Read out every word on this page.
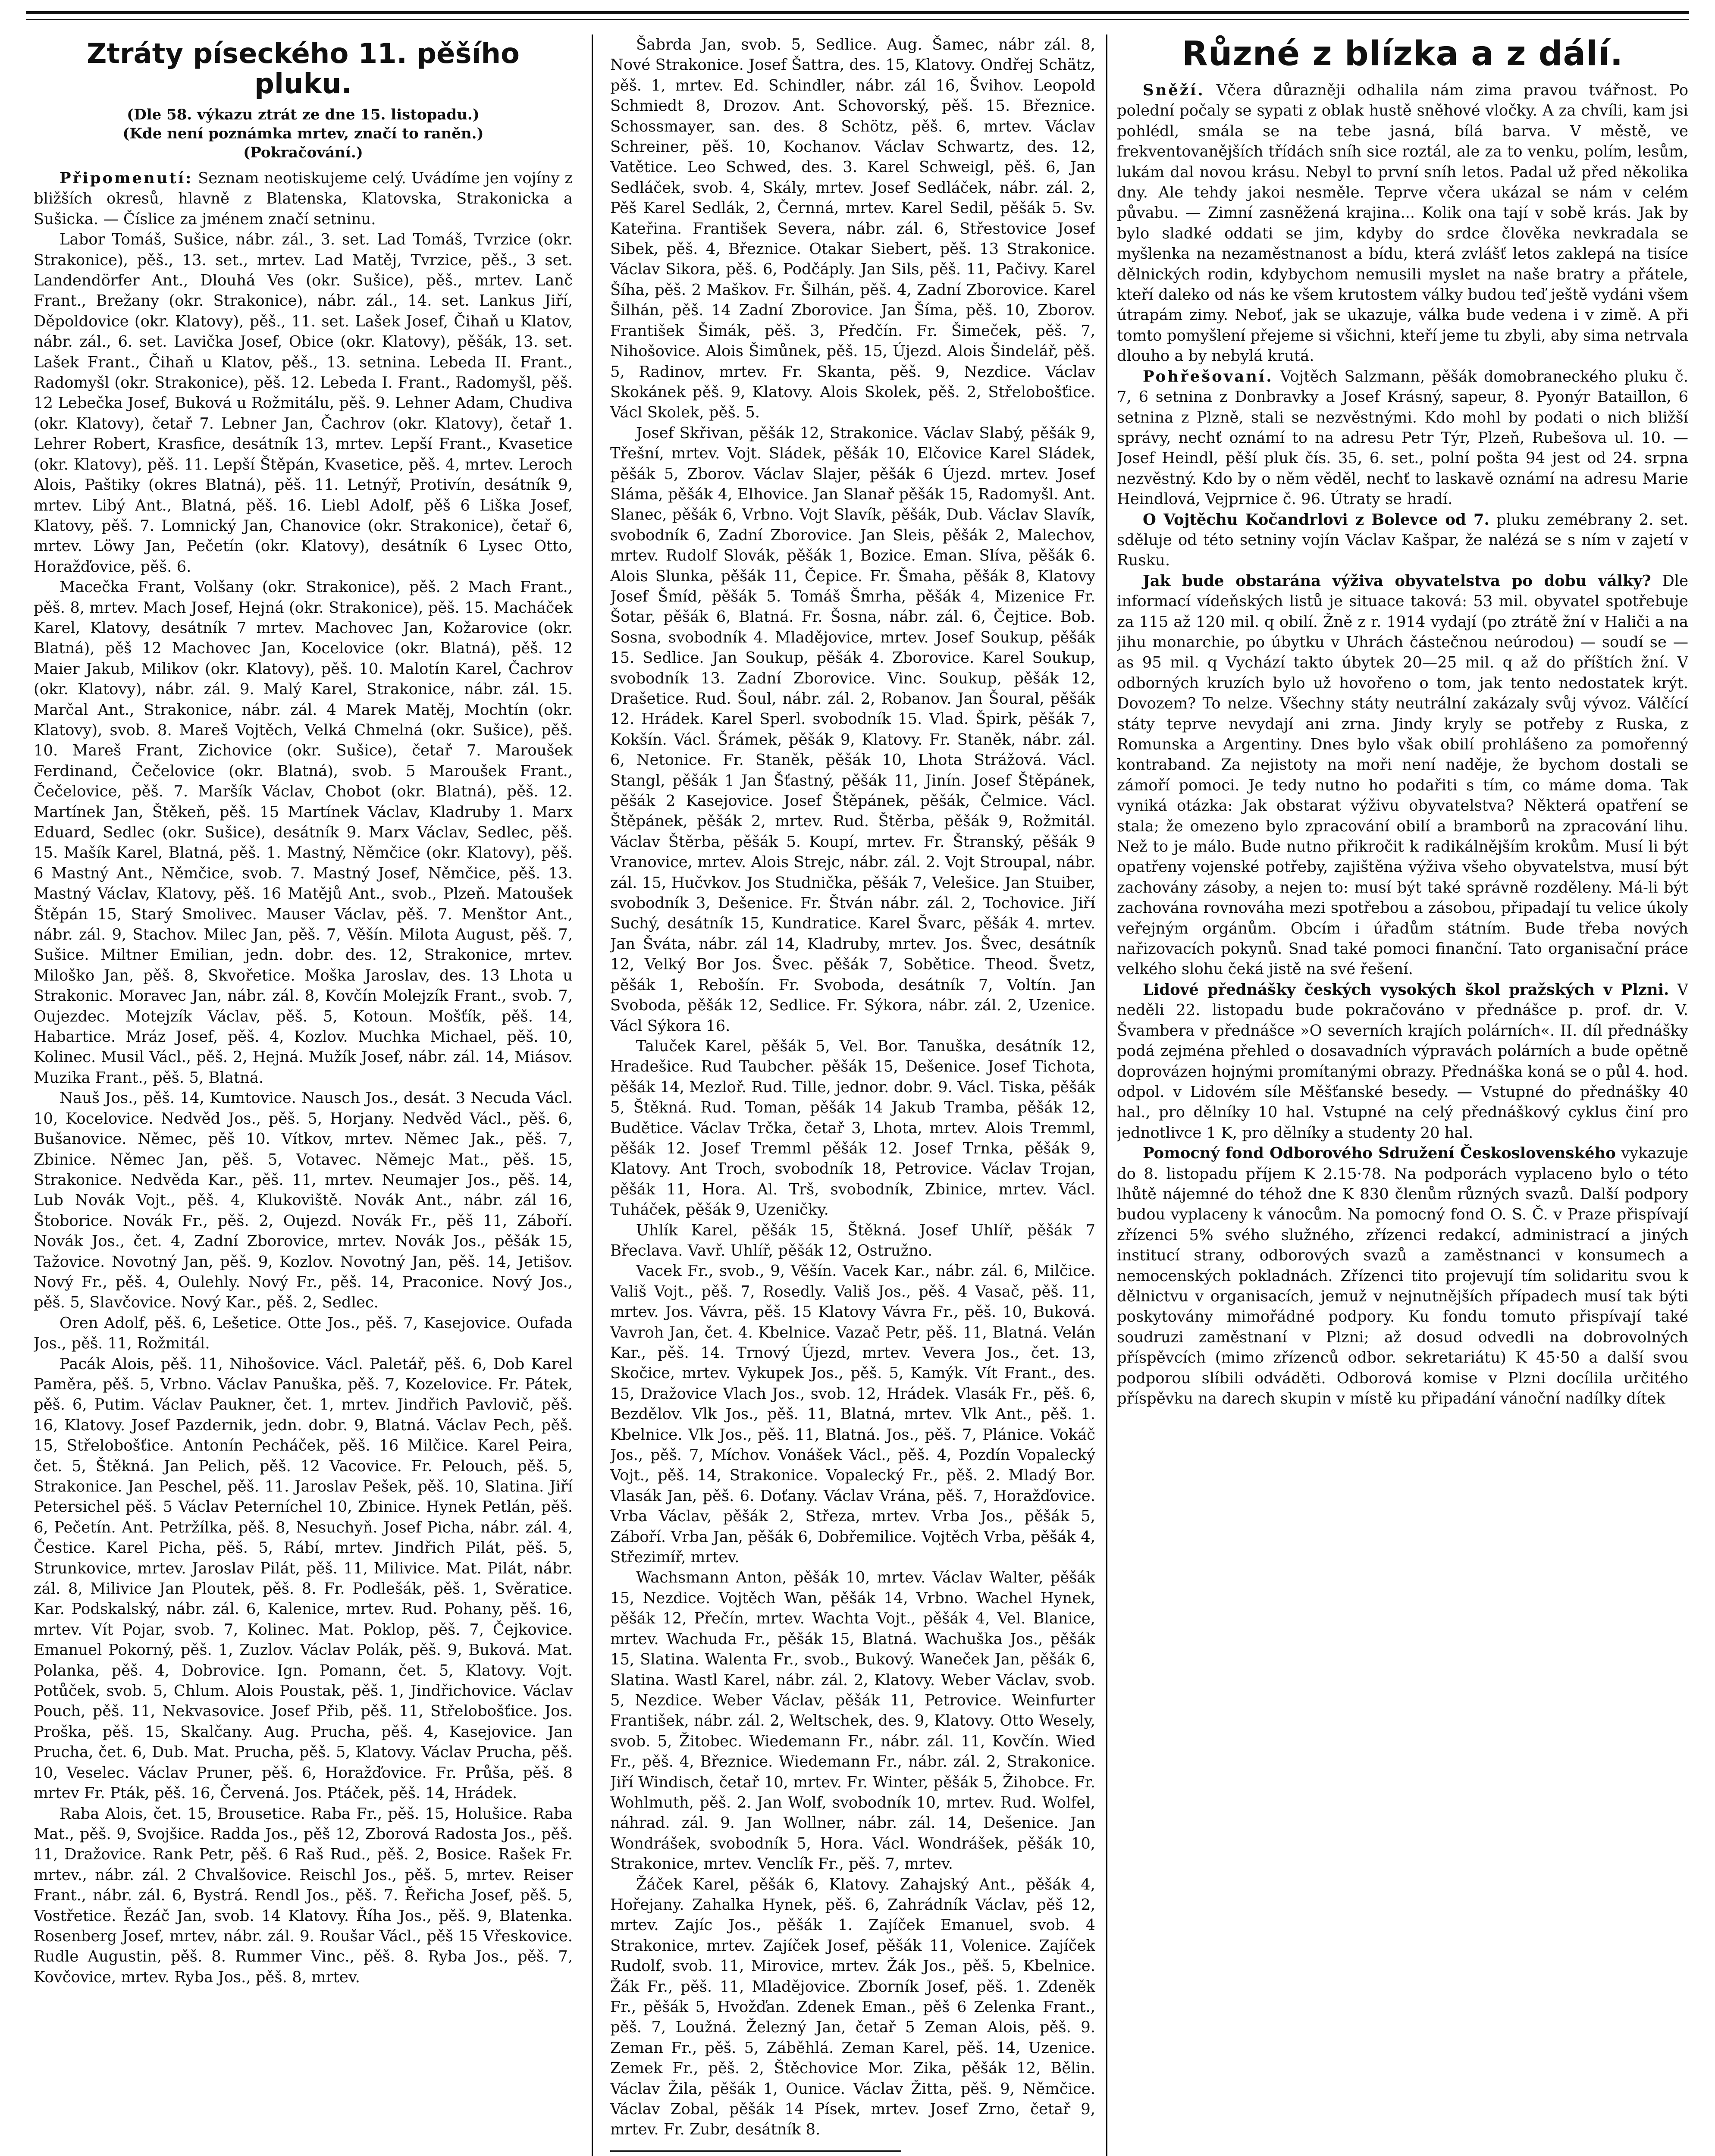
Ztráty píseckého 11. pěšího pluku.
(Dle 58. výkazu ztrát ze dne 15. listopadu.)
(Kde není poznámka mrtev, značí to raněn.)
(Pokračování.)

Připomenutí: Seznam neotiskujeme celý. Uvádíme jen vojíny z bližších okresů, hlavně z Blatenska, Klatovska, Strakonicka a Sušicka. — Číslice za jménem značí setninu.

Labor Tomáš, Sušice, nábr. zál., 3. set. Lad Tomáš, Tvrzice (okr. Strakonice), pěš., 13. set., mrtev. Lad Matěj, Tvrzice, pěš., 3 set. Landendörfer Ant., Dlouhá Ves (okr. Sušice), pěš., mrtev. Lanč Frant., Brežany (okr. Strakonice), nábr. zál., 14. set. Lankus Jiří, Děpoldovice (okr. Klatovy), pěš., 11. set. Lašek Josef, Čihaň u Klatov, nábr. zál., 6. set. Lavička Josef, Obice (okr. Klatovy), pěšák, 13. set. Lašek Frant., Čihaň u Klatov, pěš., 13. setnina. Lebeda II. Frant., Radomyšl (okr. Strakonice), pěš. 12. Lebeda I. Frant., Radomyšl, pěš. 12 Lebečka Josef, Buková u Rožmitálu, pěš. 9. Lehner Adam, Chudiva (okr. Klatovy), četař 7. Lebner Jan, Čachrov (okr. Klatovy), četař 1. Lehrer Robert, Krasfice, desátník 13, mrtev. Lepší Frant., Kvasetice (okr. Klatovy), pěš. 11. Lepší Štěpán, Kvasetice, pěš. 4, mrtev. Leroch Alois, Paštiky (okres Blatná), pěš. 11. Letnýř, Protivín, desátník 9, mrtev. Libý Ant., Blatná, pěš. 16. Liebl Adolf, pěš 6 Liška Josef, Klatovy, pěš. 7. Lomnický Jan, Chanovice (okr. Strakonice), četař 6, mrtev. Löwy Jan, Pečetín (okr. Klatovy), desátník 6 Lysec Otto, Horažďovice, pěš. 6.

Macečka Frant, Volšany (okr. Strakonice), pěš. 2 Mach Frant., pěš. 8, mrtev. Mach Josef, Hejná (okr. Strakonice), pěš. 15. Macháček Karel, Klatovy, desátník 7 mrtev. Machovec Jan, Kožarovice (okr. Blatná), pěš 12 Machovec Jan, Kocelovice (okr. Blatná), pěš. 12 Maier Jakub, Milikov (okr. Klatovy), pěš. 10. Malotín Karel, Čachrov (okr. Klatovy), nábr. zál. 9. Malý Karel, Strakonice, nábr. zál. 15. Marčal Ant., Strakonice, nábr. zál. 4 Marek Matěj, Mochtín (okr. Klatovy), svob. 8. Mareš Vojtěch, Velká Chmelná (okr. Sušice), pěš. 10. Mareš Frant, Zichovice (okr. Sušice), četař 7. Maroušek Ferdinand, Čečelovice (okr. Blatná), svob. 5 Maroušek Frant., Čečelovice, pěš. 7. Maršík Václav, Chobot (okr. Blatná), pěš. 12. Martínek Jan, Štěkeň, pěš. 15 Martínek Václav, Kladruby 1. Marx Eduard, Sedlec (okr. Sušice), desátník 9. Marx Václav, Sedlec, pěš. 15. Mašík Karel, Blatná, pěš. 1. Mastný, Němčice (okr. Klatovy), pěš. 6 Mastný Ant., Němčice, svob. 7. Mastný Josef, Němčice, pěš. 13. Mastný Václav, Klatovy, pěš. 16 Matějů Ant., svob., Plzeň. Matoušek Štěpán 15, Starý Smolivec. Mauser Václav, pěš. 7. Menštor Ant., nábr. zál. 9, Stachov. Milec Jan, pěš. 7, Věšín. Milota August, pěš. 7, Sušice. Miltner Emilian, jedn. dobr. des. 12, Strakonice, mrtev. Miloško Jan, pěš. 8, Skvořetice. Moška Jaroslav, des. 13 Lhota u Strakonic. Moravec Jan, nábr. zál. 8, Kovčín Molejzík Frant., svob. 7, Oujezdec. Motejzík Václav, pěš. 5, Kotoun. Mošťík, pěš. 14, Habartice. Mráz Josef, pěš. 4, Kozlov. Muchka Michael, pěš. 10, Kolinec. Musil Václ., pěš. 2, Hejná. Mužík Josef, nábr. zál. 14, Miásov. Muzika Frant., pěš. 5, Blatná.

Nauš Jos., pěš. 14, Kumtovice. Nausch Jos., desát. 3 Necuda Václ. 10, Kocelovice. Nedvěd Jos., pěš. 5, Horjany. Nedvěd Václ., pěš. 6, Bušanovice. Němec, pěš 10. Vítkov, mrtev. Němec Jak., pěš. 7, Zbinice. Němec Jan, pěš. 5, Votavec. Němejc Mat., pěš. 15, Strakonice. Nedvěda Kar., pěš. 11, mrtev. Neumajer Jos., pěš. 14, Lub Novák Vojt., pěš. 4, Klukoviště. Novák Ant., nábr. zál 16, Štoborice. Novák Fr., pěš. 2, Oujezd. Novák Fr., pěš 11, Záboří. Novák Jos., čet. 4, Zadní Zborovice, mrtev. Novák Jos., pěšák 15, Tažovice. Novotný Jan, pěš. 9, Kozlov. Novotný Jan, pěš. 14, Jetišov. Nový Fr., pěš. 4, Oulehly. Nový Fr., pěš. 14, Praconice. Nový Jos., pěš. 5, Slavčovice. Nový Kar., pěš. 2, Sedlec.

Oren Adolf, pěš. 6, Lešetice. Otte Jos., pěš. 7, Kasejovice. Oufada Jos., pěš. 11, Rožmitál.

Pacák Alois, pěš. 11, Nihošovice. Václ. Paletář, pěš. 6, Dob Karel Paměra, pěš. 5, Vrbno. Václav Panuška, pěš. 7, Kozelovice. Fr. Pátek, pěš. 6, Putim. Václav Paukner, čet. 1, mrtev. Jindřich Pavlovič, pěš. 16, Klatovy. Josef Pazdernik, jedn. dobr. 9, Blatná. Václav Pech, pěš. 15, Střelobošťice. Antonín Pecháček, pěš. 16 Milčice. Karel Peira, čet. 5, Štěkná. Jan Pelich, pěš. 12 Vacovice. Fr. Pelouch, pěš. 5, Strakonice. Jan Peschel, pěš. 11. Jaroslav Pešek, pěš. 10, Slatina. Jiří Petersichel pěš. 5 Václav Peterníchel 10, Zbinice. Hynek Petlán, pěš. 6, Pečetín. Ant. Petržílka, pěš. 8, Nesuchyň. Josef Picha, nábr. zál. 4, Čestice. Karel Picha, pěš. 5, Rábí, mrtev. Jindřich Pilát, pěš. 5, Strunkovice, mrtev. Jaroslav Pilát, pěš. 11, Milivice. Mat. Pilát, nábr. zál. 8, Milivice Jan Ploutek, pěš. 8. Fr. Podlešák, pěš. 1, Svěratice. Kar. Podskalský, nábr. zál. 6, Kalenice, mrtev. Rud. Pohany, pěš. 16, mrtev. Vít Pojar, svob. 7, Kolinec. Mat. Poklop, pěš. 7, Čejkovice. Emanuel Pokorný, pěš. 1, Zuzlov. Václav Polák, pěš. 9, Buková. Mat. Polanka, pěš. 4, Dobrovice. Ign. Pomann, čet. 5, Klatovy. Vojt. Potůček, svob. 5, Chlum. Alois Poustak, pěš. 1, Jindřichovice. Václav Pouch, pěš. 11, Nekvasovice. Josef Přib, pěš. 11, Střelobošťice. Jos. Proška, pěš. 15, Skalčany. Aug. Prucha, pěš. 4, Kasejovice. Jan Prucha, čet. 6, Dub. Mat. Prucha, pěš. 5, Klatovy. Václav Prucha, pěš. 10, Veselec. Václav Pruner, pěš. 6, Horažďovice. Fr. Průša, pěš. 8 mrtev Fr. Pták, pěš. 16, Červená. Jos. Ptáček, pěš. 14, Hrádek.

Raba Alois, čet. 15, Brousetice. Raba Fr., pěš. 15, Holušice. Raba Mat., pěš. 9, Svojšice. Radda Jos., pěš 12, Zborová Radosta Jos., pěš. 11, Dražovice. Rank Petr, pěš. 6 Raš Rud., pěš. 2, Bosice. Rašek Fr. mrtev., nábr. zál. 2 Chvalšovice. Reischl Jos., pěš. 5, mrtev. Reiser Frant., nábr. zál. 6, Bystrá. Rendl Jos., pěš. 7. Řeřicha Josef, pěš. 5, Vostřetice. Řezáč Jan, svob. 14 Klatovy. Říha Jos., pěš. 9, Blatenka. Rosenberg Josef, mrtev, nábr. zál. 9. Roušar Václ., pěš 15 Vřeskovice. Rudle Augustin, pěš. 8. Rummer Vinc., pěš. 8. Ryba Jos., pěš. 7, Kovčovice, mrtev. Ryba Jos., pěš. 8, mrtev.

Šabrda Jan, svob. 5, Sedlice. Aug. Šamec, nábr zál. 8, Nové Strakonice. Josef Šattra, des. 15, Klatovy. Ondřej Schätz, pěš. 1, mrtev. Ed. Schindler, nábr. zál 16, Švihov. Leopold Schmiedt 8, Drozov. Ant. Schovorský, pěš. 15. Březnice. Schossmayer, san. des. 8 Schötz, pěš. 6, mrtev. Václav Schreiner, pěš. 10, Kochanov. Václav Schwartz, des. 12, Vatětice. Leo Schwed, des. 3. Karel Schweigl, pěš. 6, Jan Sedláček, svob. 4, Skály, mrtev. Josef Sedláček, nábr. zál. 2, Pěš Karel Sedlák, 2, Černná, mrtev. Karel Sedil, pěšák 5. Sv. Kateřina. František Severa, nábr. zál. 6, Střestovice Josef Sibek, pěš. 4, Březnice. Otakar Siebert, pěš. 13 Strakonice. Václav Sikora, pěš. 6, Podčáply. Jan Sils, pěš. 11, Pačivy. Karel Šíha, pěš. 2 Maškov. Fr. Šilhán, pěš. 4, Zadní Zborovice. Karel Šilhán, pěš. 14 Zadní Zborovice. Jan Šíma, pěš. 10, Zborov. František Šimák, pěš. 3, Předčín. Fr. Šimeček, pěš. 7, Nihošovice. Alois Šimůnek, pěš. 15, Újezd. Alois Šindelář, pěš. 5, Radinov, mrtev. Fr. Skanta, pěš. 9, Nezdice. Václav Skokánek pěš. 9, Klatovy. Alois Skolek, pěš. 2, Střelobošťice. Václ Skolek, pěš. 5.

Josef Skřivan, pěšák 12, Strakonice. Václav Slabý, pěšák 9, Třešní, mrtev. Vojt. Sládek, pěšák 10, Elčovice Karel Sládek, pěšák 5, Zborov. Václav Slajer, pěšák 6 Újezd. mrtev. Josef Slámа, pěšák 4, Elhovice. Jan Slanař pěšák 15, Radomyšl. Ant. Slanec, pěšák 6, Vrbno. Vojt Slavík, pěšák, Dub. Václav Slavík, svobodník 6, Zadní Zborovice. Jan Sleis, pěšák 2, Malechov, mrtev. Rudolf Slovák, pěšák 1, Bozice. Eman. Slíva, pěšák 6. Alois Slunka, pěšák 11, Čepice. Fr. Šmaha, pěšák 8, Klatovy Josef Šmíd, pěšák 5. Tomáš Šmrha, pěšák 4, Mizenice Fr. Šotar, pěšák 6, Blatná. Fr. Šosna, nábr. zál. 6, Čejtice. Bob. Sosna, svobodník 4. Mladějovice, mrtev. Josef Soukup, pěšák 15. Sedlice. Jan Soukup, pěšák 4. Zborovice. Karel Soukup, svobodník 13. Zadní Zborovice. Vinc. Soukup, pěšák 12, Drašetice. Rud. Šoul, nábr. zál. 2, Robanov. Jan Šoural, pěšák 12. Hrádek. Karel Sperl. svobodník 15. Vlad. Špirk, pěšák 7, Kokšín. Václ. Šrámek, pěšák 9, Klatovy. Fr. Staněk, nábr. zál. 6, Netonice. Fr. Staněk, pěšák 10, Lhota Strážová. Václ. Stangl, pěšák 1 Jan Šťastný, pěšák 11, Jinín. Josef Štěpánek, pěšák 2 Kasejovice. Josef Štěpánek, pěšák, Čelmice. Václ. Štěpánek, pěšák 2, mrtev. Rud. Štěrba, pěšák 9, Rožmitál. Václav Štěrba, pěšák 5. Koupí, mrtev. Fr. Štranský, pěšák 9 Vranovice, mrtev. Alois Strejc, nábr. zál. 2. Vojt Stroupal, nábr. zál. 15, Hučvkov. Jos Studnička, pěšák 7, Velešice. Jan Stuiber, svobodník 3, Dešenice. Fr. Štván nábr. zál. 2, Tochovice. Jiří Suchý, desátník 15, Kundratice. Karel Švarc, pěšák 4. mrtev. Jan Šváta, nábr. zál 14, Kladruby, mrtev. Jos. Švec, desátník 12, Velký Bor Jos. Švec. pěšák 7, Sobětice. Theod. Švetz, pěšák 1, Rebošín. Fr. Svoboda, desátník 7, Voltín. Jan Svoboda, pěšák 12, Sedlice. Fr. Sýkora, nábr. zál. 2, Uzenice. Václ Sýkora 16.

Taluček Karel, pěšák 5, Vel. Bor. Tanuška, desátník 12, Hradešice. Rud Taubcher. pěšák 15, Dešenice. Josef Tichota, pěšák 14, Mezloř. Rud. Tille, jednor. dobr. 9. Václ. Tiska, pěšák 5, Štěkná. Rud. Toman, pěšák 14 Jakub Tramba, pěšák 12, Budětice. Václav Trčka, četař 3, Lhota, mrtev. Alois Tremml, pěšák 12. Josef Tremml pěšák 12. Josef Trnka, pěšák 9, Klatovy. Ant Troch, svobodník 18, Petrovice. Václav Trojan, pěšák 11, Hora. Al. Trš, svobodník, Zbinice, mrtev. Václ. Tuháček, pěšák 9, Uzeničky.

Uhlík Karel, pěšák 15, Štěkná. Josef Uhlíř, pěšák 7 Břeclava. Vavř. Uhlíř, pěšák 12, Ostružno.

Vacek Fr., svob., 9, Věšín. Vacek Kar., nábr. zál. 6, Milčice. Vališ Vojt., pěš. 7, Rosedly. Vališ Jos., pěš. 4 Vasač, pěš. 11, mrtev. Jos. Vávra, pěš. 15 Klatovy Vávra Fr., pěš. 10, Buková. Vavroh Jan, čet. 4. Kbelnice. Vazač Petr, pěš. 11, Blatná. Velán Kar., pěš. 14. Trnový Újezd, mrtev. Vevera Jos., čet. 13, Skočice, mrtev. Vykupek Jos., pěš. 5, Kamýk. Vít Frant., des. 15, Dražovice Vlach Jos., svob. 12, Hrádek. Vlasák Fr., pěš. 6, Bezdělov. Vlk Jos., pěš. 11, Blatná, mrtev. Vlk Ant., pěš. 1. Kbelnice. Vlk Jos., pěš. 11, Blatná. Jos., pěš. 7, Plánice. Vokáč Jos., pěš. 7, Míchov. Vonášek Václ., pěš. 4, Pozdín Vopalecký Vojt., pěš. 14, Strakonice. Vopalecký Fr., pěš. 2. Mladý Bor. Vlasák Jan, pěš. 6. Doťany. Václav Vrána, pěš. 7, Horažďovice. Vrba Václav, pěšák 2, Střeza, mrtev. Vrba Jos., pěšák 5, Záboří. Vrba Jan, pěšák 6, Dobřemilice. Vojtěch Vrba, pěšák 4, Střezimíř, mrtev.

Wachsmann Anton, pěšák 10, mrtev. Václav Walter, pěšák 15, Nezdice. Vojtěch Wan, pěšák 14, Vrbno. Wachel Hynek, pěšák 12, Přečín, mrtev. Wachta Vojt., pěšák 4, Vel. Blanice, mrtev. Wachuda Fr., pěšák 15, Blatná. Wachuška Jos., pěšák 15, Slatina. Walenta Fr., svob., Bukový. Waneček Jan, pěšák 6, Slatina. Wastl Karel, nábr. zál. 2, Klatovy. Weber Václav, svob. 5, Nezdice. Weber Václav, pěšák 11, Petrovice. Weinfurter František, nábr. zál. 2, Weltschek, des. 9, Klatovy. Otto Wesely, svob. 5, Žitobec. Wiedemann Fr., nábr. zál. 11, Kovčín. Wied Fr., pěš. 4, Březnice. Wiedemann Fr., nábr. zál. 2, Strakonice. Jiří Windisch, četař 10, mrtev. Fr. Winter, pěšák 5, Žihobce. Fr. Wohlmuth, pěš. 2. Jan Wolf, svobodník 10, mrtev. Rud. Wolfel, náhrad. zál. 9. Jan Wollner, nábr. zál. 14, Dešenice. Jan Wondrášek, svobodník 5, Hora. Václ. Wondrášek, pěšák 10, Strakonice, mrtev. Venclík Fr., pěš. 7, mrtev.

Žáček Karel, pěšák 6, Klatovy. Zahajský Ant., pěšák 4, Hořejany. Zahalka Hynek, pěš. 6, Zahrádník Václav, pěš 12, mrtev. Zajíc Jos., pěšák 1. Zajíček Emanuel, svob. 4 Strakonice, mrtev. Zajíček Josef, pěšák 11, Volenice. Zajíček Rudolf, svob. 11, Mirovice, mrtev. Žák Jos., pěš. 5, Kbelnice. Žák Fr., pěš. 11, Mladějovice. Zborník Josef, pěš. 1. Zdeněk Fr., pěšák 5, Hvožďan. Zdenek Eman., pěš 6 Zelenka Frant., pěš. 7, Loužná. Železný Jan, četař 5 Zeman Alois, pěš. 9. Zeman Fr., pěš. 5, Záběhlá. Zeman Karel, pěš. 14, Uzenice. Zemek Fr., pěš. 2, Štěchovice Mor. Zika, pěšák 12, Bělin. Václav Žila, pěšák 1, Ounice. Václav Žitta, pěš. 9, Němčice. Václav Zobal, pěšák 14 Písek, mrtev. Josef Zrno, četař 9, mrtev. Fr. Zubr, desátník 8.

Různé z blízka a z dálí.

Sněží. Včera důrazněji odhalila nám zima pravou tvářnost. Po polední počaly se sypati z oblak hustě sněhové vločky. A za chvíli, kam jsi pohlédl, smála se na tebe jasná, bílá barva. V městě, ve frekventovanějších třídách sníh sice roztál, ale za to venku, polím, lesům, lukám dal novou krásu. Nebyl to první sníh letos. Padal už před několika dny. Ale tehdy jakoi nesměle. Teprve včera ukázal se nám v celém půvabu. — Zimní zasněžená krajina... Kolik ona tají v sobě krás. Jak by bylo sladké oddati se jim, kdyby do srdce člověka nevkradala se myšlenka na nezaměstnanost a bídu, která zvlášť letos zaklepá na tisíce dělnických rodin, kdybychom nemusili myslet na naše bratry a přátele, kteří daleko od nás ke všem krutostem války budou teď ještě vydáni všem útrapám zimy. Neboť, jak se ukazuje, válka bude vedena i v zimě. A při tomto pomyšlení přejeme si všichni, kteří jeme tu zbyli, aby sima netrvala dlouho a by nebylá krutá.

Pohřešovaní. Vojtěch Salzmann, pěšák domobraneckého pluku č. 7, 6 setnina z Donbravky a Josef Krásný, sapeur, 8. Pyonýr Bataillon, 6 setnina z Plzně, stali se nezvěstnými. Kdo mohl by podati o nich bližší správy, nechť oznámí to na adresu Petr Týr, Plzeň, Rubešova ul. 10. — Josef Heindl, pěší pluk čís. 35, 6. set., polní pošta 94 jest od 24. srpna nezvěstný. Kdo by o něm věděl, nechť to laskavě oznámí na adresu Marie Heindlová, Vejprnice č. 96. Útraty se hradí.

O Vojtěchu Kočandrlovi z Bolevce od 7. pluku zemébrany 2. set. sděluje od této setniny vojín Václav Kašpar, že nalézá se s ním v zajetí v Rusku.

Jak bude obstarána výživa obyvatelstva po dobu války? Dle informací vídeňských listů je situace taková: 53 mil. obyvatel spotřebuje za 115 až 120 mil. q obilí. Žně z r. 1914 vydají (po ztrátě žní v Haliči a na jihu monarchie, po úbytku v Uhrách částečnou neúrodou) — soudí se — as 95 mil. q Vychází takto úbytek 20—25 mil. q až do příštích žní. V odborných kruzích bylo už hovořeno o tom, jak tento nedostatek krýt. Dovozem? To nelze. Všechny státy neutrální zakázaly svůj vývoz. Válčící státy teprve nevydají ani zrna. Jindy kryly se potřeby z Ruska, z Romunska a Argentiny. Dnes bylo však obilí prohlášeno za pomořenný kontraband. Za nejistoty na moři není naděje, že bychom dostali se zámoří pomoci. Je tedy nutno ho podařiti s tím, co máme doma. Tak vyniká otázka: Jak obstarat výživu obyvatelstva? Některá opatření se stala; že omezeno bylo zpracování obilí a bramborů na zpracování lihu. Než to je málo. Bude nutno přikročit k radikálnějším krokům. Musí li být opatřeny vojenské potřeby, zajištěna výživa všeho obyvatelstva, musí být zachovány zásoby, a nejen to: musí být také správně rozděleny. Má-li být zachována rovnováha mezi spotřebou a zásobou, připadají tu velice úkoly veřejným orgánům. Obcím i úřadům státním. Bude třeba nových nařizovacích pokynů. Snad také pomoci finanční. Tato organisační práce velkého slohu čeká jistě na své řešení.

Lidové přednášky českých vysokých škol pražských v Plzni. V neděli 22. listopadu bude pokračováno v přednášce p. prof. dr. V. Švambera v přednášce »O severních krajích polárních«. II. díl přednášky podá zejména přehled o dosavadních výpravách polárních a bude opětně doprovázen hojnými promítanými obrazy. Přednáška koná se o půl 4. hod. odpol. v Lidovém síle Měšťanské besedy. — Vstupné do přednášky 40 hal., pro dělníky 10 hal. Vstupné na celý přednáškový cyklus činí pro jednotlivce 1 K, pro dělníky a studenty 20 hal.

Pomocný fond Odborového Sdružení Československého vykazuje do 8. listopadu příjem K 2.15·78. Na podporách vyplaceno bylo o této lhůtě nájemné do téhož dne K 830 členům různých svazů. Další podpory budou vyplaceny k vánocům. Na pomocný fond O. S. Č. v Praze přispívají zřízenci 5% svého služného, zřízenci redakcí, administrací a jiných institucí strany, odborových svazů a zaměstnanci v konsumech a nemocenských pokladnách. Zřízenci tito projevují tím solidaritu svou k dělnictvu v organisacích, jemuž v nejnutnějších případech musí tak býti poskytovány mimořádné podpory. Ku fondu tomuto přispívají také soudruzi zaměstnaní v Plzni; až dosud odvedli na dobrovolných příspěvcích (mimo zřízenců odbor. sekretariátu) K 45·50 a další svou podporou slíbili odváděti. Odborová komise v Plzni docílila určitého příspěvku na darech skupin v místě ku připadání vánoční nadílky dítek
